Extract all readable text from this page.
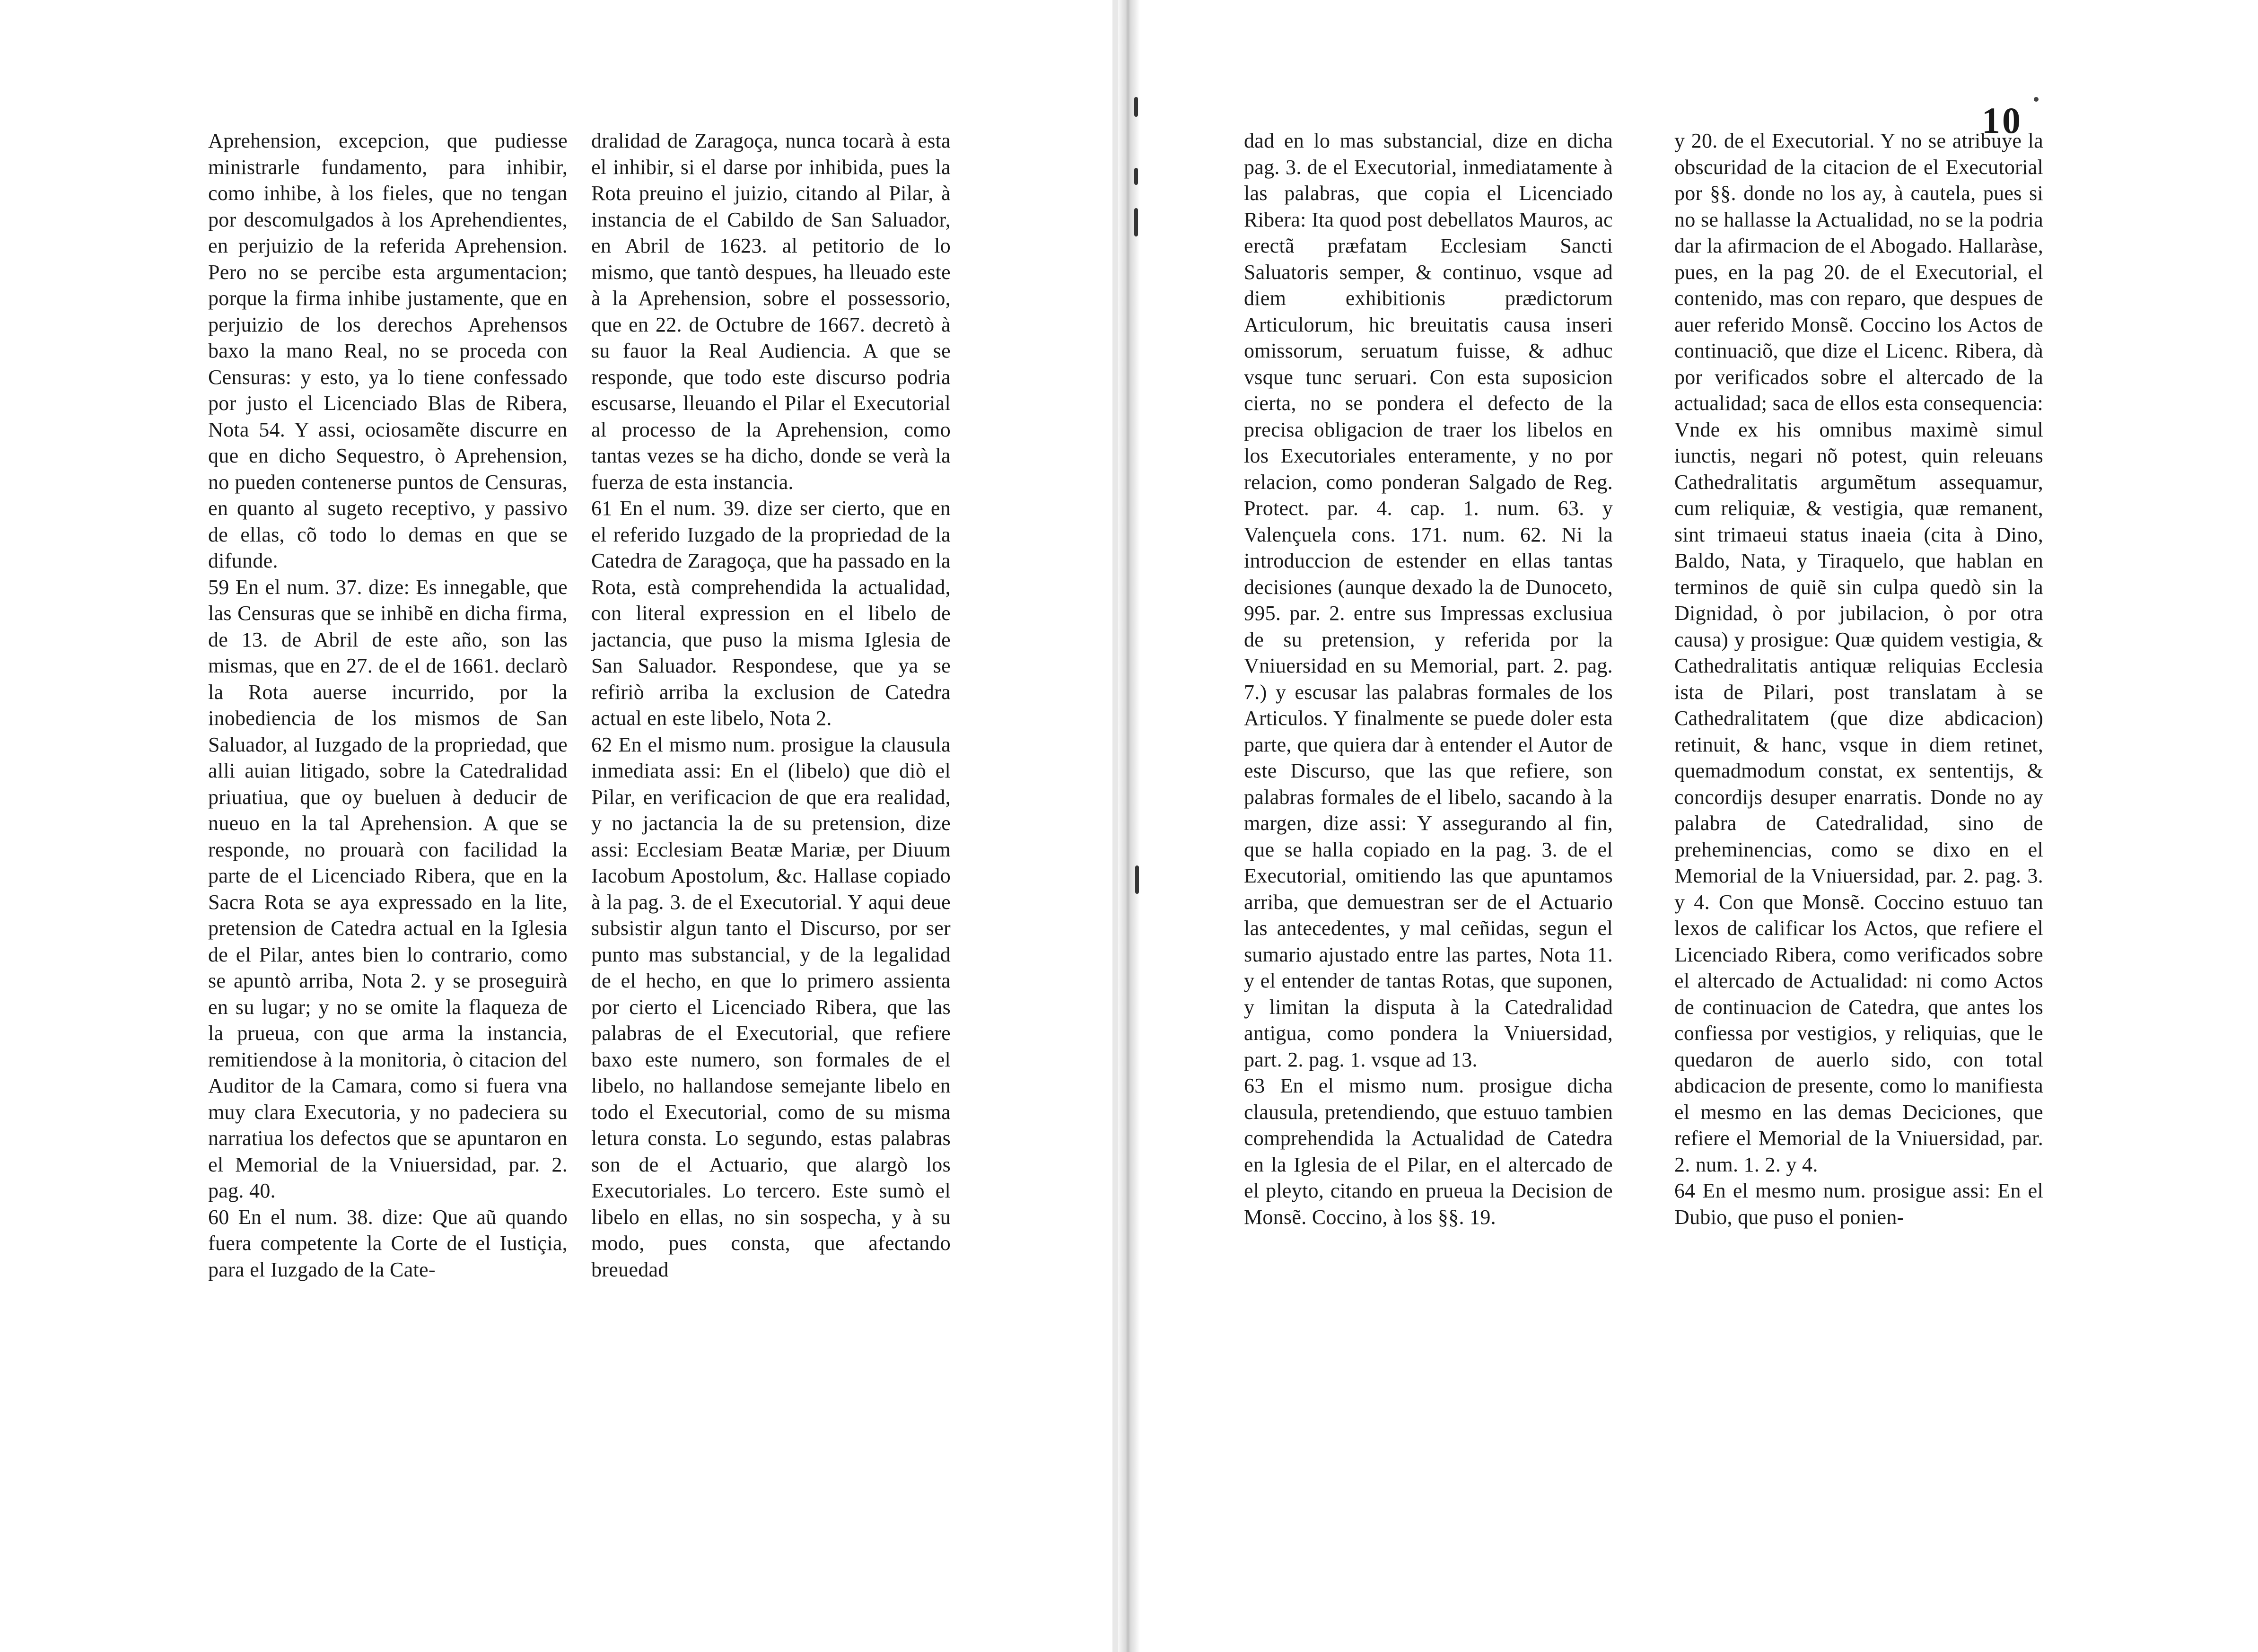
Aprehension, excepcion, que pudiesse ministrarle fundamento, para inhibir, como inhibe, à los fieles, que no tengan por descomulgados à los Aprehendientes, en perjuizio de la referida Aprehension. Pero no se percibe esta argumentacion; porque la firma inhibe justamente, que en perjuizio de los derechos Aprehensos baxo la mano Real, no se proceda con Censuras: y esto, ya lo tiene confessado por justo el Licenciado Blas de Ribera, Nota 54. Y assi, ociosamẽte discurre en que en dicho Sequestro, ò Aprehension, no pueden contenerse puntos de Censuras, en quanto al sugeto receptivo, y passivo de ellas, cõ todo lo demas en que se difunde.
59 En el num. 37. dize: Es innegable, que las Censuras que se inhibẽ en dicha firma, de 13. de Abril de este año, son las mismas, que en 27. de el de 1661. declarò la Rota auerse incurrido, por la inobediencia de los mismos de San Saluador, al Iuzgado de la propriedad, que alli auian litigado, sobre la Catedralidad priuatiua, que oy bueluen à deducir de nueuo en la tal Aprehension. A que se responde, no prouarà con facilidad la parte de el Licenciado Ribera, que en la Sacra Rota se aya expressado en la lite, pretension de Catedra actual en la Iglesia de el Pilar, antes bien lo contrario, como se apuntò arriba, Nota 2. y se proseguirà en su lugar; y no se omite la flaqueza de la prueua, con que arma la instancia, remitiendose à la monitoria, ò citacion del Auditor de la Camara, como si fuera vna muy clara Executoria, y no padeciera su narratiua los defectos que se apuntaron en el Memorial de la Vniuersidad, par. 2. pag. 40.
60 En el num. 38. dize: Que aũ quando fuera competente la Corte de el Iustiçia, para el Iuzgado de la Cate-
dralidad de Zaragoça, nunca tocarà à esta el inhibir, si el darse por inhibida, pues la Rota preuino el juizio, citando al Pilar, à instancia de el Cabildo de San Saluador, en Abril de 1623. al petitorio de lo mismo, que tantò despues, ha lleuado este à la Aprehension, sobre el possessorio, que en 22. de Octubre de 1667. decretò à su fauor la Real Audiencia. A que se responde, que todo este discurso podria escusarse, lleuando el Pilar el Executorial al processo de la Aprehension, como tantas vezes se ha dicho, donde se verà la fuerza de esta instancia.
61 En el num. 39. dize ser cierto, que en el referido Iuzgado de la propriedad de la Catedra de Zaragoça, que ha passado en la Rota, està comprehendida la actualidad, con literal expression en el libelo de jactancia, que puso la misma Iglesia de San Saluador. Respondese, que ya se refiriò arriba la exclusion de Catedra actual en este libelo, Nota 2.
62 En el mismo num. prosigue la clausula inmediata assi: En el (libelo) que diò el Pilar, en verificacion de que era realidad, y no jactancia la de su pretension, dize assi: Ecclesiam Beatæ Mariæ, per Diuum Iacobum Apostolum, &c. Hallase copiado à la pag. 3. de el Executorial. Y aqui deue subsistir algun tanto el Discurso, por ser punto mas substancial, y de la legalidad de el hecho, en que lo primero assienta por cierto el Licenciado Ribera, que las palabras de el Executorial, que refiere baxo este numero, son formales de el libelo, no hallandose semejante libelo en todo el Executorial, como de su misma letura consta. Lo segundo, estas palabras son de el Actuario, que alargò los Executoriales. Lo tercero. Este sumò el libelo en ellas, no sin sospecha, y à su modo, pues consta, que afectando breuedad
10
dad en lo mas substancial, dize en dicha pag. 3. de el Executorial, inmediatamente à las palabras, que copia el Licenciado Ribera: Ita quod post debellatos Mauros, ac erectã præfatam Ecclesiam Sancti Saluatoris semper, & continuo, vsque ad diem exhibitionis prædictorum Articulorum, hic breuitatis causa inseri omissorum, seruatum fuisse, & adhuc vsque tunc seruari. Con esta suposicion cierta, no se pondera el defecto de la precisa obligacion de traer los libelos en los Executoriales enteramente, y no por relacion, como ponderan Salgado de Reg. Protect. par. 4. cap. 1. num. 63. y Valençuela cons. 171. num. 62. Ni la introduccion de estender en ellas tantas decisiones (aunque dexado la de Dunoceto, 995. par. 2. entre sus Impressas exclusiua de su pretension, y referida por la Vniuersidad en su Memorial, part. 2. pag. 7.) y escusar las palabras formales de los Articulos. Y finalmente se puede doler esta parte, que quiera dar à entender el Autor de este Discurso, que las que refiere, son palabras formales de el libelo, sacando à la margen, dize assi: Y assegurando al fin, que se halla copiado en la pag. 3. de el Executorial, omitiendo las que apuntamos arriba, que demuestran ser de el Actuario las antecedentes, y mal ceñidas, segun el sumario ajustado entre las partes, Nota 11. y el entender de tantas Rotas, que suponen, y limitan la disputa à la Catedralidad antigua, como pondera la Vniuersidad, part. 2. pag. 1. vsque ad 13.
63 En el mismo num. prosigue dicha clausula, pretendiendo, que estuuo tambien comprehendida la Actualidad de Catedra en la Iglesia de el Pilar, en el altercado de el pleyto, citando en prueua la Decision de Monsẽ. Coccino, à los §§. 19.
y 20. de el Executorial. Y no se atribuye la obscuridad de la citacion de el Executorial por §§. donde no los ay, à cautela, pues si no se hallasse la Actualidad, no se la podria dar la afirmacion de el Abogado. Hallaràse, pues, en la pag 20. de el Executorial, el contenido, mas con reparo, que despues de auer referido Monsẽ. Coccino los Actos de continuaciõ, que dize el Licenc. Ribera, dà por verificados sobre el altercado de la actualidad; saca de ellos esta consequencia: Vnde ex his omnibus maximè simul iunctis, negari nõ potest, quin releuans Cathedralitatis argumẽtum assequamur, cum reliquiæ, & vestigia, quæ remanent, sint trimaeui status inaeia (cita à Dino, Baldo, Nata, y Tiraquelo, que hablan en terminos de quiẽ sin culpa quedò sin la Dignidad, ò por jubilacion, ò por otra causa) y prosigue: Quæ quidem vestigia, & Cathedralitatis antiquæ reliquias Ecclesia ista de Pilari, post translatam à se Cathedralitatem (que dize abdicacion) retinuit, & hanc, vsque in diem retinet, quemadmodum constat, ex sententijs, & concordijs desuper enarratis. Donde no ay palabra de Catedralidad, sino de preheminencias, como se dixo en el Memorial de la Vniuersidad, par. 2. pag. 3. y 4. Con que Monsẽ. Coccino estuuo tan lexos de calificar los Actos, que refiere el Licenciado Ribera, como verificados sobre el altercado de Actualidad: ni como Actos de continuacion de Catedra, que antes los confiessa por vestigios, y reliquias, que le quedaron de auerlo sido, con total abdicacion de presente, como lo manifiesta el mesmo en las demas Deciciones, que refiere el Memorial de la Vniuersidad, par. 2. num. 1. 2. y 4.
64 En el mesmo num. prosigue assi: En el Dubio, que puso el ponien-
